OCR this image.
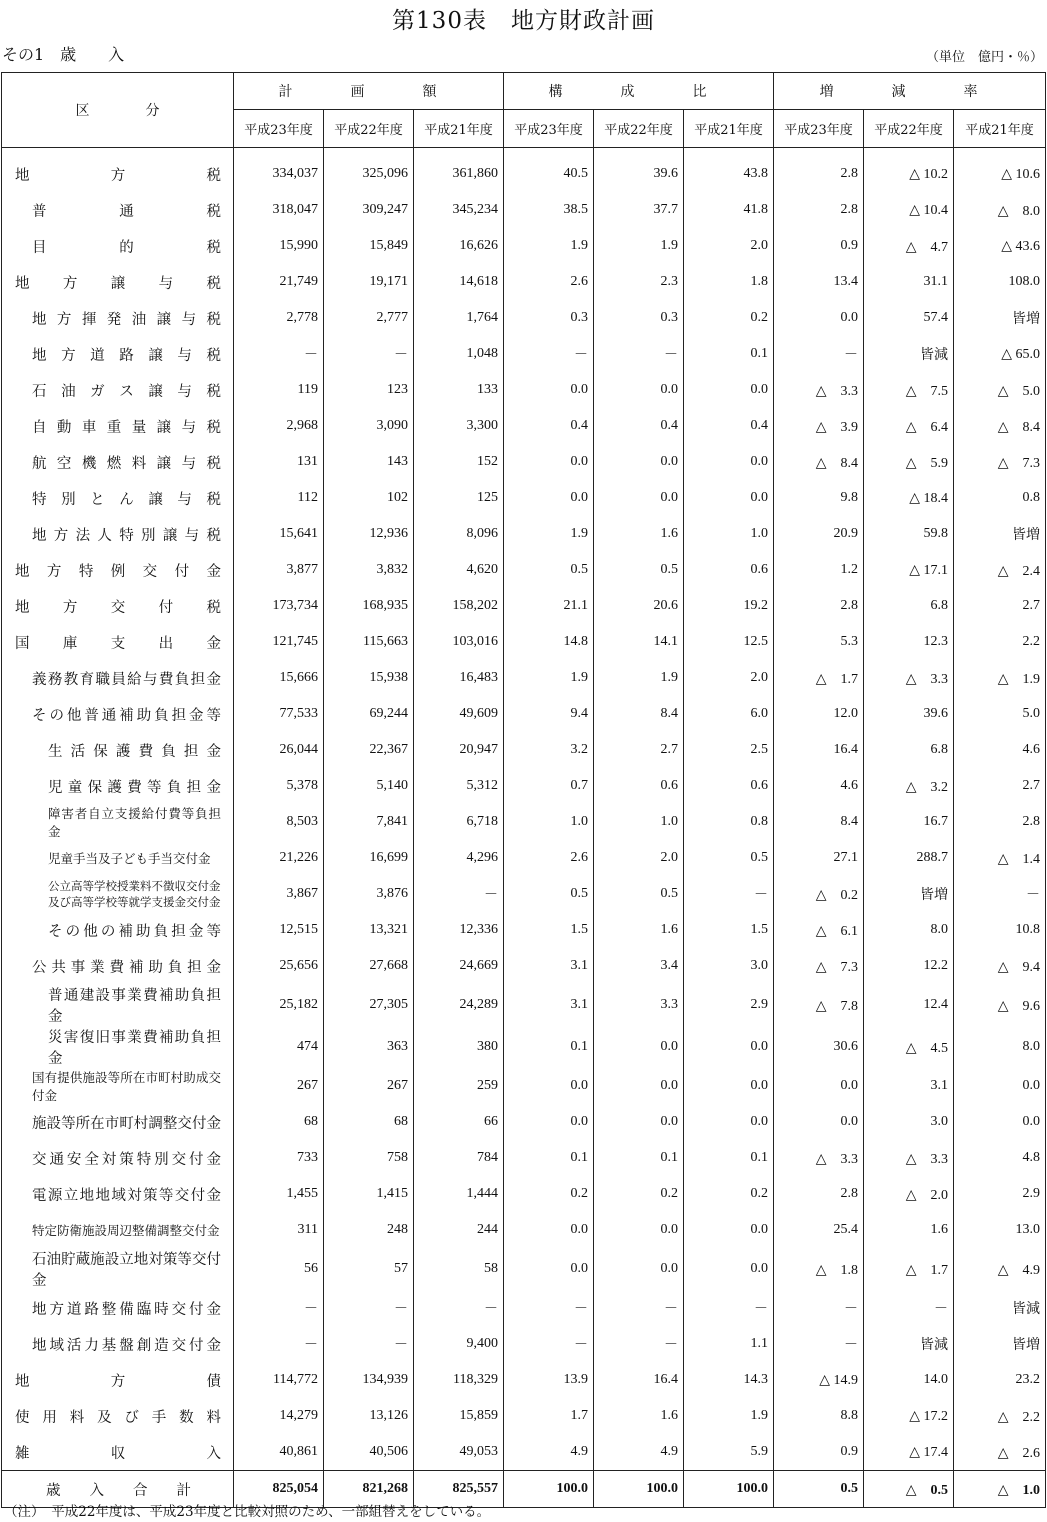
第130表　地方財政計画
その1　歳　　入	（単位　億円・％）
区　　　　分	計　画　額			構　成　比			増　減　率		
	平成23年度	平成22年度	平成21年度	平成23年度	平成22年度	平成21年度	平成23年度	平成22年度	平成21年度
地方税	334,037	325,096	361,860	40.5	39.6	43.8	2.8	△ 10.2	△ 10.6
普通税	318,047	309,247	345,234	38.5	37.7	41.8	2.8	△ 10.4	△　8.0
目的税	15,990	15,849	16,626	1.9	1.9	2.0	0.9	△　4.7	△ 43.6
地方譲与税	21,749	19,171	14,618	2.6	2.3	1.8	13.4	31.1	108.0
地方揮発油譲与税	2,778	2,777	1,764	0.3	0.3	0.2	0.0	57.4	皆増
地方道路譲与税	－	－	1,048	－	－	0.1	－	皆減	△ 65.0
石油ガス譲与税	119	123	133	0.0	0.0	0.0	△　3.3	△　7.5	△　5.0
自動車重量譲与税	2,968	3,090	3,300	0.4	0.4	0.4	△　3.9	△　6.4	△　8.4
航空機燃料譲与税	131	143	152	0.0	0.0	0.0	△　8.4	△　5.9	△　7.3
特別とん譲与税	112	102	125	0.0	0.0	0.0	9.8	△ 18.4	0.8
地方法人特別譲与税	15,641	12,936	8,096	1.9	1.6	1.0	20.9	59.8	皆増
地方特例交付金	3,877	3,832	4,620	0.5	0.5	0.6	1.2	△ 17.1	△　2.4
地方交付税	173,734	168,935	158,202	21.1	20.6	19.2	2.8	6.8	2.7
国庫支出金	121,745	115,663	103,016	14.8	14.1	12.5	5.3	12.3	2.2
義務教育職員給与費負担金	15,666	15,938	16,483	1.9	1.9	2.0	△　1.7	△　3.3	△　1.9
その他普通補助負担金等	77,533	69,244	49,609	9.4	8.4	6.0	12.0	39.6	5.0
生活保護費負担金	26,044	22,367	20,947	3.2	2.7	2.5	16.4	6.8	4.6
児童保護費等負担金	5,378	5,140	5,312	0.7	0.6	0.6	4.6	△　3.2	2.7
障害者自立支援給付費等負担金	8,503	7,841	6,718	1.0	1.0	0.8	8.4	16.7	2.8
児童手当及子ども手当交付金	21,226	16,699	4,296	2.6	2.0	0.5	27.1	288.7	△　1.4
公立高等学校授業料不徴収交付金
及び高等学校等就学支援金交付金	3,867	3,876	－	0.5	0.5	－	△　0.2	皆増	－
その他の補助負担金等	12,515	13,321	12,336	1.5	1.6	1.5	△　6.1	8.0	10.8
公共事業費補助負担金	25,656	27,668	24,669	3.1	3.4	3.0	△　7.3	12.2	△　9.4
普通建設事業費補助負担金	25,182	27,305	24,289	3.1	3.3	2.9	△　7.8	12.4	△　9.6
災害復旧事業費補助負担金	474	363	380	0.1	0.0	0.0	30.6	△　4.5	8.0
国有提供施設等所在市町村助成交付金	267	267	259	0.0	0.0	0.0	0.0	3.1	0.0
施設等所在市町村調整交付金	68	68	66	0.0	0.0	0.0	0.0	3.0	0.0
交通安全対策特別交付金	733	758	784	0.1	0.1	0.1	△　3.3	△　3.3	4.8
電源立地地域対策等交付金	1,455	1,415	1,444	0.2	0.2	0.2	2.8	△　2.0	2.9
特定防衛施設周辺整備調整交付金	311	248	244	0.0	0.0	0.0	25.4	1.6	13.0
石油貯蔵施設立地対策等交付金	56	57	58	0.0	0.0	0.0	△　1.8	△　1.7	△　4.9
地方道路整備臨時交付金	－	－	－	－	－	－	－	－	皆減
地域活力基盤創造交付金	－	－	9,400	－	－	1.1	－	皆減	皆増
地方債	114,772	134,939	118,329	13.9	16.4	14.3	△ 14.9	14.0	23.2
使用料及び手数料	14,279	13,126	15,859	1.7	1.6	1.9	8.8	△ 17.2	△　2.2
雑収入	40,861	40,506	49,053	4.9	4.9	5.9	0.9	△ 17.4	△　2.6
歳入合計	825,054	821,268	825,557	100.0	100.0	100.0	0.5	△　0.5	△　1.0
（注）　平成22年度は、平成23年度と比較対照のため、一部組替えをしている。
